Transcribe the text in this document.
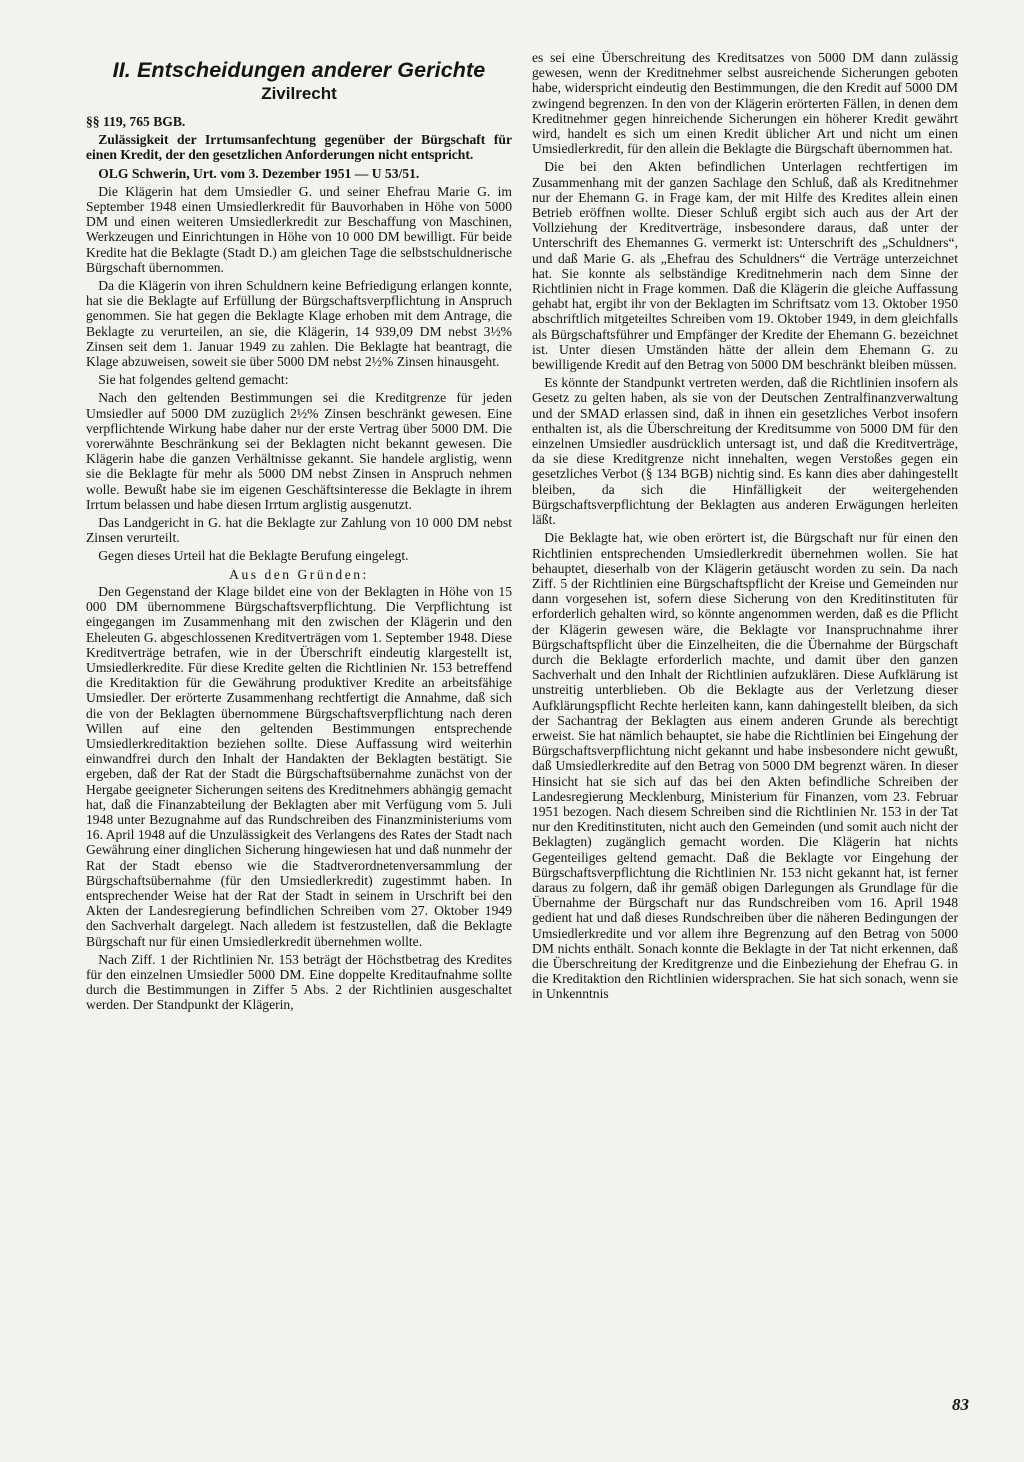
II. Entscheidungen anderer Gerichte
Zivilrecht

§§ 119, 765 BGB.

Zulässigkeit der Irrtumsanfechtung gegenüber der Bürgschaft für einen Kredit, der den gesetzlichen Anforderungen nicht entspricht.

OLG Schwerin, Urt. vom 3. Dezember 1951 — U 53/51.

Die Klägerin hat dem Umsiedler G. und seiner Ehefrau Marie G. im September 1948 einen Umsiedlerkredit für Bauvorhaben in Höhe von 5000 DM und einen weiteren Umsiedlerkredit zur Beschaffung von Maschinen, Werkzeugen und Einrichtungen in Höhe von 10 000 DM bewilligt. Für beide Kredite hat die Beklagte (Stadt D.) am gleichen Tage die selbstschuldnerische Bürgschaft übernommen.

Da die Klägerin von ihren Schuldnern keine Befriedigung erlangen konnte, hat sie die Beklagte auf Erfüllung der Bürgschaftsverpflichtung in Anspruch genommen. Sie hat gegen die Beklagte Klage erhoben mit dem Antrage, die Beklagte zu verurteilen, an sie, die Klägerin, 14 939,09 DM nebst 3½% Zinsen seit dem 1. Januar 1949 zu zahlen. Die Beklagte hat beantragt, die Klage abzuweisen, soweit sie über 5000 DM nebst 2½% Zinsen hinausgeht.

Sie hat folgendes geltend gemacht:

Nach den geltenden Bestimmungen sei die Kreditgrenze für jeden Umsiedler auf 5000 DM zuzüglich 2½% Zinsen beschränkt gewesen. Eine verpflichtende Wirkung habe daher nur der erste Vertrag über 5000 DM. Die vorerwähnte Beschränkung sei der Beklagten nicht bekannt gewesen. Die Klägerin habe die ganzen Verhältnisse gekannt. Sie handele arglistig, wenn sie die Beklagte für mehr als 5000 DM nebst Zinsen in Anspruch nehmen wolle. Bewußt habe sie im eigenen Geschäftsinteresse die Beklagte in ihrem Irrtum belassen und habe diesen Irrtum arglistig ausgenutzt.

Das Landgericht in G. hat die Beklagte zur Zahlung von 10 000 DM nebst Zinsen verurteilt.

Gegen dieses Urteil hat die Beklagte Berufung eingelegt.

Aus den Gründen:

Den Gegenstand der Klage bildet eine von der Beklagten in Höhe von 15 000 DM übernommene Bürgschaftsverpflichtung. Die Verpflichtung ist eingegangen im Zusammenhang mit den zwischen der Klägerin und den Eheleuten G. abgeschlossenen Kreditverträgen vom 1. September 1948. Diese Kreditverträge betrafen, wie in der Überschrift eindeutig klargestellt ist, Umsiedlerkredite. Für diese Kredite gelten die Richtlinien Nr. 153 betreffend die Kreditaktion für die Gewährung produktiver Kredite an arbeitsfähige Umsiedler. Der erörterte Zusammenhang rechtfertigt die Annahme, daß sich die von der Beklagten übernommene Bürgschaftsverpflichtung nach deren Willen auf eine den geltenden Bestimmungen entsprechende Umsiedlerkreditaktion beziehen sollte. Diese Auffassung wird weiterhin einwandfrei durch den Inhalt der Handakten der Beklagten bestätigt. Sie ergeben, daß der Rat der Stadt die Bürgschaftsübernahme zunächst von der Hergabe geeigneter Sicherungen seitens des Kreditnehmers abhängig gemacht hat, daß die Finanzabteilung der Beklagten aber mit Verfügung vom 5. Juli 1948 unter Bezugnahme auf das Rundschreiben des Finanzministeriums vom 16. April 1948 auf die Unzulässigkeit des Verlangens des Rates der Stadt nach Gewährung einer dinglichen Sicherung hingewiesen hat und daß nunmehr der Rat der Stadt ebenso wie die Stadtverordnetenversammlung der Bürgschaftsübernahme (für den Umsiedlerkredit) zugestimmt haben. In entsprechender Weise hat der Rat der Stadt in seinem in Urschrift bei den Akten der Landesregierung befindlichen Schreiben vom 27. Oktober 1949 den Sachverhalt dargelegt. Nach alledem ist festzustellen, daß die Beklagte Bürgschaft nur für einen Umsiedlerkredit übernehmen wollte.

Nach Ziff. 1 der Richtlinien Nr. 153 beträgt der Höchstbetrag des Kredites für den einzelnen Umsiedler 5000 DM. Eine doppelte Kreditaufnahme sollte durch die Bestimmungen in Ziffer 5 Abs. 2 der Richtlinien ausgeschaltet werden. Der Standpunkt der Klägerin,

es sei eine Überschreitung des Kreditsatzes von 5000 DM dann zulässig gewesen, wenn der Kreditnehmer selbst ausreichende Sicherungen geboten habe, widerspricht eindeutig den Bestimmungen, die den Kredit auf 5000 DM zwingend begrenzen. In den von der Klägerin erörterten Fällen, in denen dem Kreditnehmer gegen hinreichende Sicherungen ein höherer Kredit gewährt wird, handelt es sich um einen Kredit üblicher Art und nicht um einen Umsiedlerkredit, für den allein die Beklagte die Bürgschaft übernommen hat.

Die bei den Akten befindlichen Unterlagen rechtfertigen im Zusammenhang mit der ganzen Sachlage den Schluß, daß als Kreditnehmer nur der Ehemann G. in Frage kam, der mit Hilfe des Kredites allein einen Betrieb eröffnen wollte. Dieser Schluß ergibt sich auch aus der Art der Vollziehung der Kreditverträge, insbesondere daraus, daß unter der Unterschrift des Ehemannes G. vermerkt ist: Unterschrift des „Schuldners“, und daß Marie G. als „Ehefrau des Schuldners“ die Verträge unterzeichnet hat. Sie konnte als selbständige Kreditnehmerin nach dem Sinne der Richtlinien nicht in Frage kommen. Daß die Klägerin die gleiche Auffassung gehabt hat, ergibt ihr von der Beklagten im Schriftsatz vom 13. Oktober 1950 abschriftlich mitgeteiltes Schreiben vom 19. Oktober 1949, in dem gleichfalls als Bürgschaftsführer und Empfänger der Kredite der Ehemann G. bezeichnet ist. Unter diesen Umständen hätte der allein dem Ehemann G. zu bewilligende Kredit auf den Betrag von 5000 DM beschränkt bleiben müssen.

Es könnte der Standpunkt vertreten werden, daß die Richtlinien insofern als Gesetz zu gelten haben, als sie von der Deutschen Zentralfinanzverwaltung und der SMAD erlassen sind, daß in ihnen ein gesetzliches Verbot insofern enthalten ist, als die Überschreitung der Kreditsumme von 5000 DM für den einzelnen Umsiedler ausdrücklich untersagt ist, und daß die Kreditverträge, da sie diese Kreditgrenze nicht innehalten, wegen Verstoßes gegen ein gesetzliches Verbot (§ 134 BGB) nichtig sind. Es kann dies aber dahingestellt bleiben, da sich die Hinfälligkeit der weitergehenden Bürgschaftsverpflichtung der Beklagten aus anderen Erwägungen herleiten läßt.

Die Beklagte hat, wie oben erörtert ist, die Bürgschaft nur für einen den Richtlinien entsprechenden Umsiedlerkredit übernehmen wollen. Sie hat behauptet, dieserhalb von der Klägerin getäuscht worden zu sein. Da nach Ziff. 5 der Richtlinien eine Bürgschaftspflicht der Kreise und Gemeinden nur dann vorgesehen ist, sofern diese Sicherung von den Kreditinstituten für erforderlich gehalten wird, so könnte angenommen werden, daß es die Pflicht der Klägerin gewesen wäre, die Beklagte vor Inanspruchnahme ihrer Bürgschaftspflicht über die Einzelheiten, die die Übernahme der Bürgschaft durch die Beklagte erforderlich machte, und damit über den ganzen Sachverhalt und den Inhalt der Richtlinien aufzuklären. Diese Aufklärung ist unstreitig unterblieben. Ob die Beklagte aus der Verletzung dieser Aufklärungspflicht Rechte herleiten kann, kann dahingestellt bleiben, da sich der Sachantrag der Beklagten aus einem anderen Grunde als berechtigt erweist. Sie hat nämlich behauptet, sie habe die Richtlinien bei Eingehung der Bürgschaftsverpflichtung nicht gekannt und habe insbesondere nicht gewußt, daß Umsiedlerkredite auf den Betrag von 5000 DM begrenzt wären. In dieser Hinsicht hat sie sich auf das bei den Akten befindliche Schreiben der Landesregierung Mecklenburg, Ministerium für Finanzen, vom 23. Februar 1951 bezogen. Nach diesem Schreiben sind die Richtlinien Nr. 153 in der Tat nur den Kreditinstituten, nicht auch den Gemeinden (und somit auch nicht der Beklagten) zugänglich gemacht worden. Die Klägerin hat nichts Gegenteiliges geltend gemacht. Daß die Beklagte vor Eingehung der Bürgschaftsverpflichtung die Richtlinien Nr. 153 nicht gekannt hat, ist ferner daraus zu folgern, daß ihr gemäß obigen Darlegungen als Grundlage für die Übernahme der Bürgschaft nur das Rundschreiben vom 16. April 1948 gedient hat und daß dieses Rundschreiben über die näheren Bedingungen der Umsiedlerkredite und vor allem ihre Begrenzung auf den Betrag von 5000 DM nichts enthält. Sonach konnte die Beklagte in der Tat nicht erkennen, daß die Überschreitung der Kreditgrenze und die Einbeziehung der Ehefrau G. in die Kreditaktion den Richtlinien widersprachen. Sie hat sich sonach, wenn sie in Unkenntnis

83
